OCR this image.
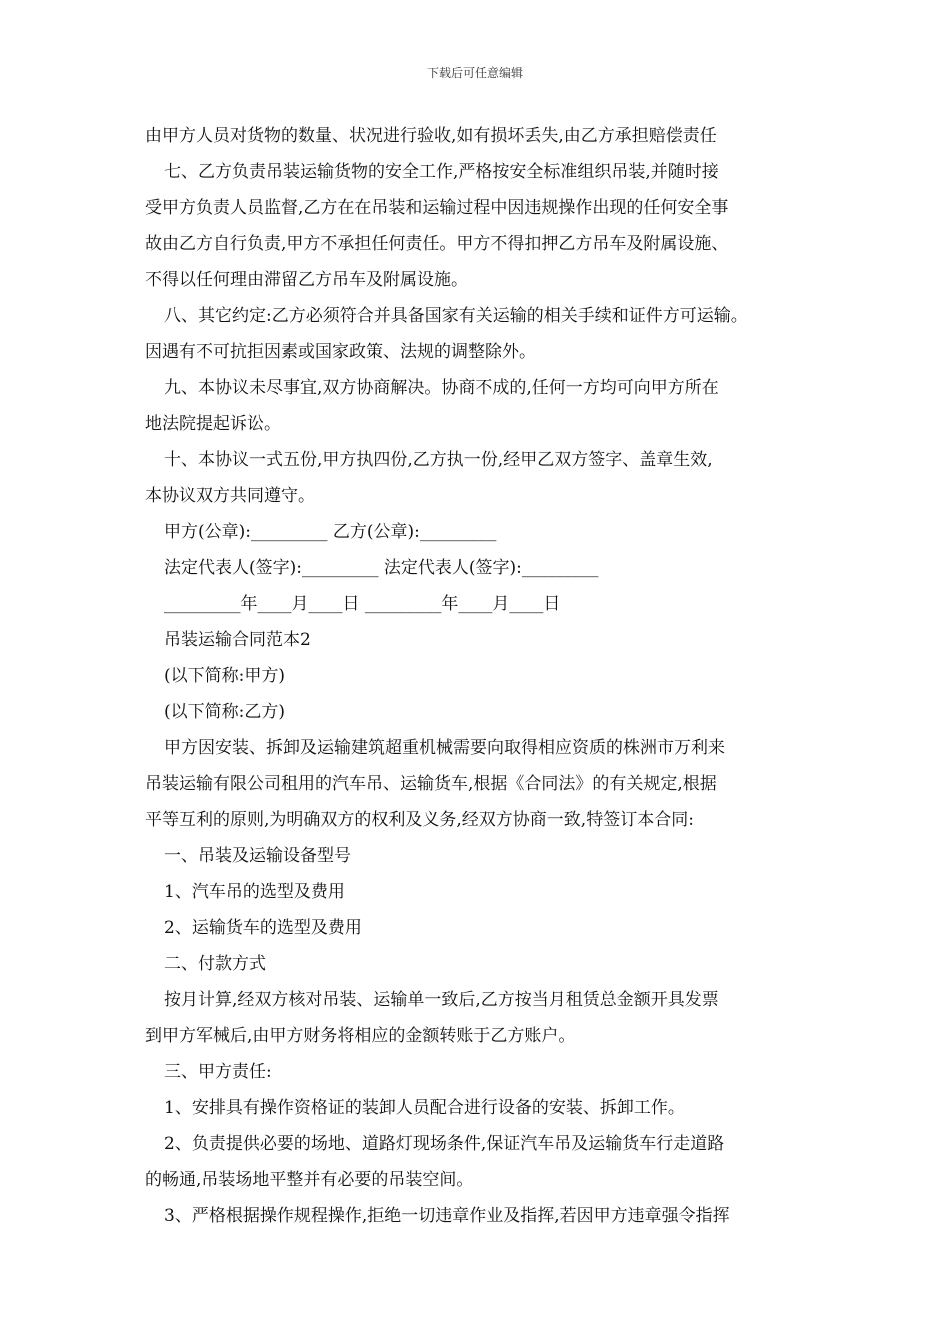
下载后可任意编辑
由甲方人员对货物的数量、状况进行验收,如有损坏丢失,由乙方承担赔偿责任
七、乙方负责吊装运输货物的安全工作,严格按安全标准组织吊装,并随时接
受甲方负责人员监督,乙方在在吊装和运输过程中因违规操作出现的任何安全事
故由乙方自行负责,甲方不承担任何责任。甲方不得扣押乙方吊车及附属设施、
不得以任何理由滞留乙方吊车及附属设施。
八、其它约定:乙方必须符合并具备国家有关运输的相关手续和证件方可运输。
因遇有不可抗拒因素或国家政策、法规的调整除外。
九、本协议未尽事宜,双方协商解决。协商不成的,任何一方均可向甲方所在
地法院提起诉讼。
十、本协议一式五份,甲方执四份,乙方执一份,经甲乙双方签字、盖章生效,
本协议双方共同遵守。
甲方(公章):_________ 乙方(公章):_________
法定代表人(签字):_________ 法定代表人(签字):_________
_________年____月____日 _________年____月____日
吊装运输合同范本2
(以下简称:甲方)
(以下简称:乙方)
甲方因安装、拆卸及运输建筑超重机械需要向取得相应资质的株洲市万利来
吊装运输有限公司租用的汽车吊、运输货车,根据《合同法》的有关规定,根据
平等互利的原则,为明确双方的权利及义务,经双方协商一致,特签订本合同:
一、吊装及运输设备型号
1、汽车吊的选型及费用
2、运输货车的选型及费用
二、付款方式
按月计算,经双方核对吊装、运输单一致后,乙方按当月租赁总金额开具发票
到甲方军械后,由甲方财务将相应的金额转账于乙方账户。
三、甲方责任:
1、安排具有操作资格证的装卸人员配合进行设备的安装、拆卸工作。
2、负责提供必要的场地、道路灯现场条件,保证汽车吊及运输货车行走道路
的畅通,吊装场地平整并有必要的吊装空间。
3、严格根据操作规程操作,拒绝一切违章作业及指挥,若因甲方违章强令指挥
